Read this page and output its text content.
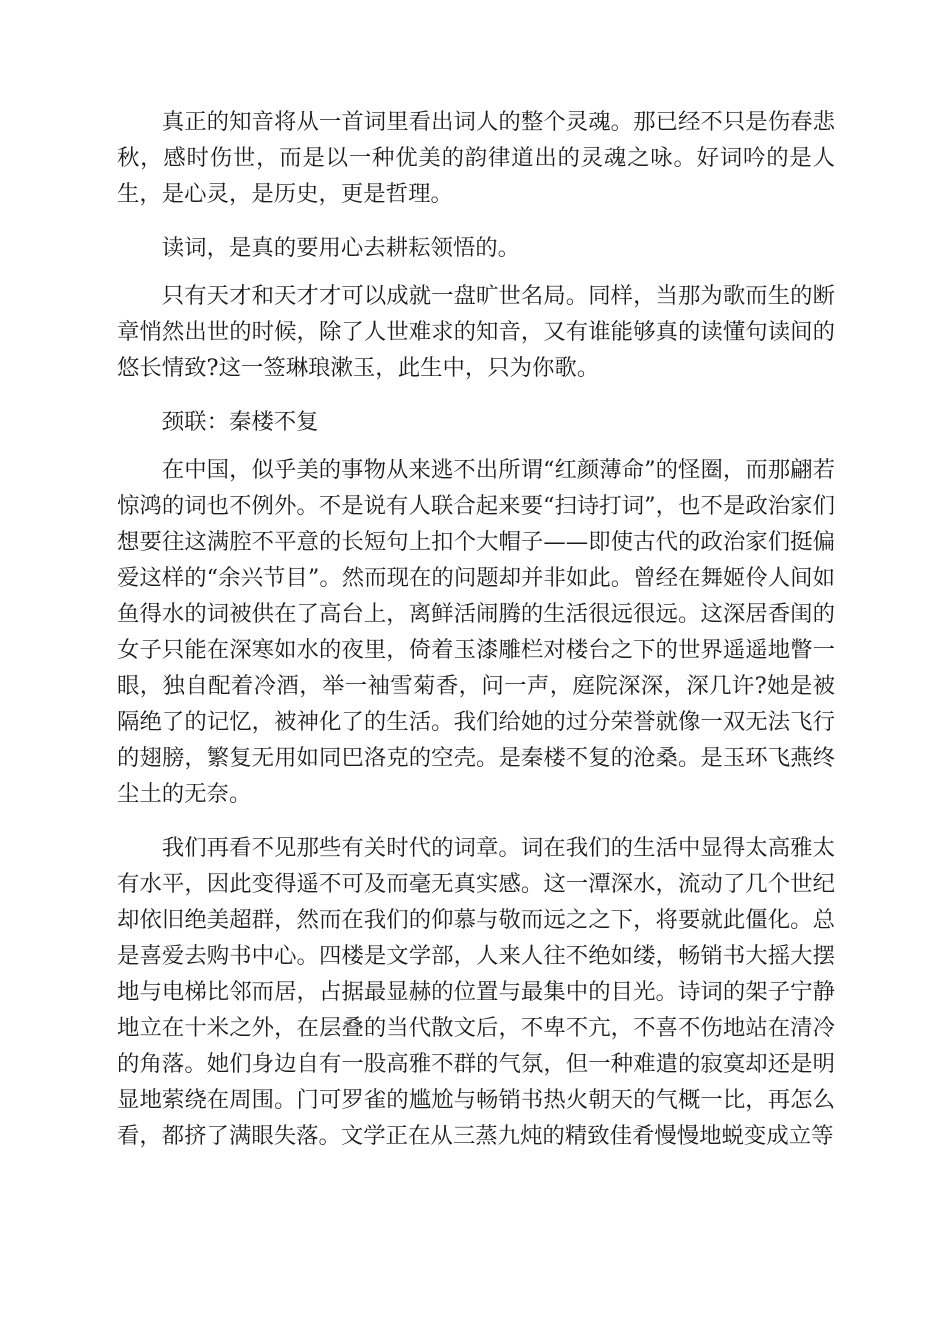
真正的知音将从一首词里看出词人的整个灵魂。那已经不只是伤春悲秋，感时伤世，而是以一种优美的韵律道出的灵魂之咏。好词吟的是人生，是心灵，是历史，更是哲理。

读词，是真的要用心去耕耘领悟的。

只有天才和天才才可以成就一盘旷世名局。同样，当那为歌而生的断章悄然出世的时候，除了人世难求的知音，又有谁能够真的读懂句读间的悠长情致?这一签琳琅漱玉，此生中，只为你歌。

颈联：秦楼不复

在中国，似乎美的事物从来逃不出所谓“红颜薄命”的怪圈，而那翩若惊鸿的词也不例外。不是说有人联合起来要“扫诗打词”，也不是政治家们想要往这满腔不平意的长短句上扣个大帽子——即使古代的政治家们挺偏爱这样的“余兴节目”。然而现在的问题却并非如此。曾经在舞姬伶人间如鱼得水的词被供在了高台上，离鲜活闹腾的生活很远很远。这深居香闺的女子只能在深寒如水的夜里，倚着玉漆雕栏对楼台之下的世界遥遥地瞥一眼，独自配着冷酒，举一袖雪菊香，问一声，庭院深深，深几许?她是被隔绝了的记忆，被神化了的生活。我们给她的过分荣誉就像一双无法飞行的翅膀，繁复无用如同巴洛克的空壳。是秦楼不复的沧桑。是玉环飞燕终尘土的无奈。

我们再看不见那些有关时代的词章。词在我们的生活中显得太高雅太有水平，因此变得遥不可及而毫无真实感。这一潭深水，流动了几个世纪却依旧绝美超群，然而在我们的仰慕与敬而远之之下，将要就此僵化。总是喜爱去购书中心。四楼是文学部，人来人往不绝如缕，畅销书大摇大摆地与电梯比邻而居，占据最显赫的位置与最集中的目光。诗词的架子宁静地立在十米之外，在层叠的当代散文后，不卑不亢，不喜不伤地站在清冷的角落。她们身边自有一股高雅不群的气氛，但一种难遣的寂寞却还是明显地萦绕在周围。门可罗雀的尴尬与畅销书热火朝天的气概一比，再怎么看，都挤了满眼失落。文学正在从三蒸九炖的精致佳肴慢慢地蜕变成立等
